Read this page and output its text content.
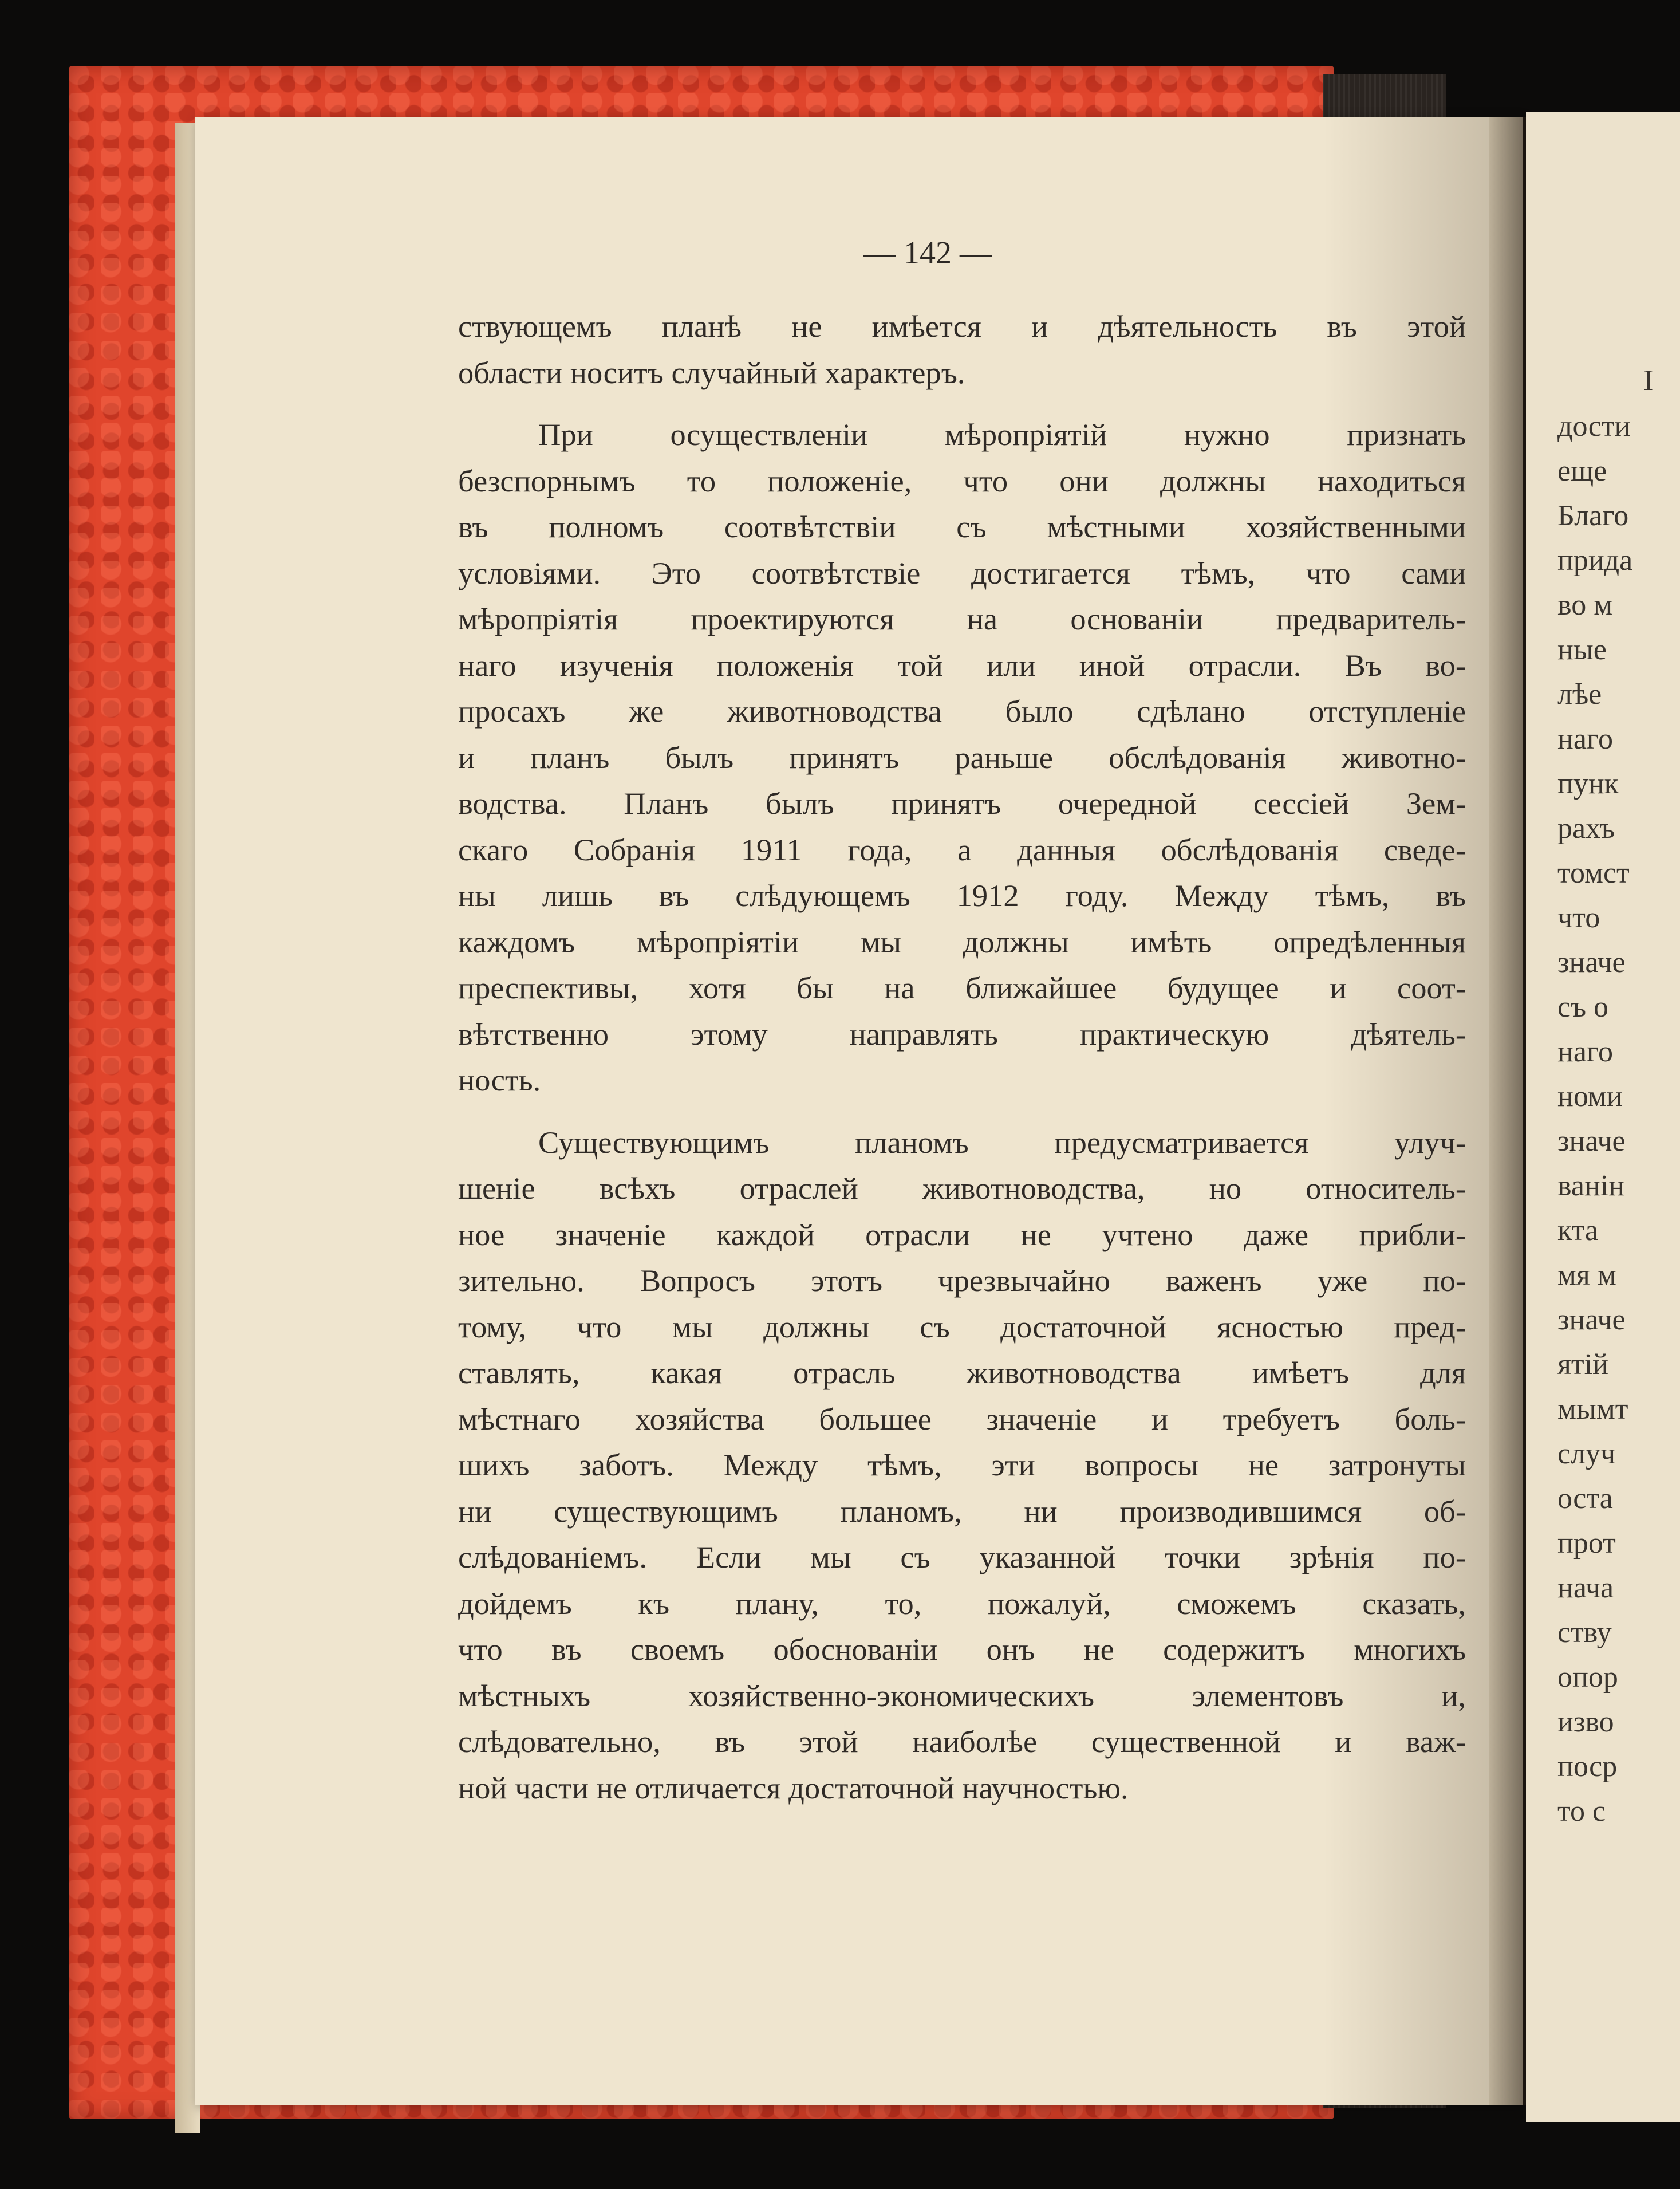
І
дости
еще
Благо
прида
во м
ные
лѣе
наго
пунк
рахъ
томст
что
значе
съ о
наго
номи
значе
ванін
кта
мя м
значе
ятій
мымт
случ
оста
прот
нача
ству
опор
изво
поср
то с
— 142 —
ствующемъ планѣ не имѣется и дѣятельность въ этой
области носитъ случайный характеръ.
При осуществленіи мѣропріятій нужно признать
безспорнымъ то положеніе, что они должны находиться
въ полномъ соотвѣтствіи съ мѣстными хозяйственными
условіями. Это соотвѣтствіе достигается тѣмъ, что сами
мѣропріятія проектируются на основаніи предваритель-
наго изученія положенія той или иной отрасли. Въ во-
просахъ же животноводства было сдѣлано отступленіе
и планъ былъ принятъ раньше обслѣдованія животно-
водства. Планъ былъ принятъ очередной сессіей Зем-
скаго Собранія 1911 года, а данныя обслѣдованія сведе-
ны лишь въ слѣдующемъ 1912 году. Между тѣмъ, въ
каждомъ мѣропріятіи мы должны имѣть опредѣленныя
преспективы, хотя бы на ближайшее будущее и соот-
вѣтственно этому направлять практическую дѣятель-
ность.
Существующимъ планомъ предусматривается улуч-
шеніе всѣхъ отраслей животноводства, но относитель-
ное значеніе каждой отрасли не учтено даже прибли-
зительно. Вопросъ этотъ чрезвычайно важенъ уже по-
тому, что мы должны съ достаточной ясностью пред-
ставлять, какая отрасль животноводства имѣетъ для
мѣстнаго хозяйства большее значеніе и требуетъ боль-
шихъ заботъ. Между тѣмъ, эти вопросы не затронуты
ни существующимъ планомъ, ни производившимся об-
слѣдованіемъ. Если мы съ указанной точки зрѣнія по-
дойдемъ къ плану, то, пожалуй, сможемъ сказать,
что въ своемъ обоснованіи онъ не содержитъ многихъ
мѣстныхъ хозяйственно-экономическихъ элементовъ и,
слѣдовательно, въ этой наиболѣе существенной и важ-
ной части не отличается достаточной научностью.
